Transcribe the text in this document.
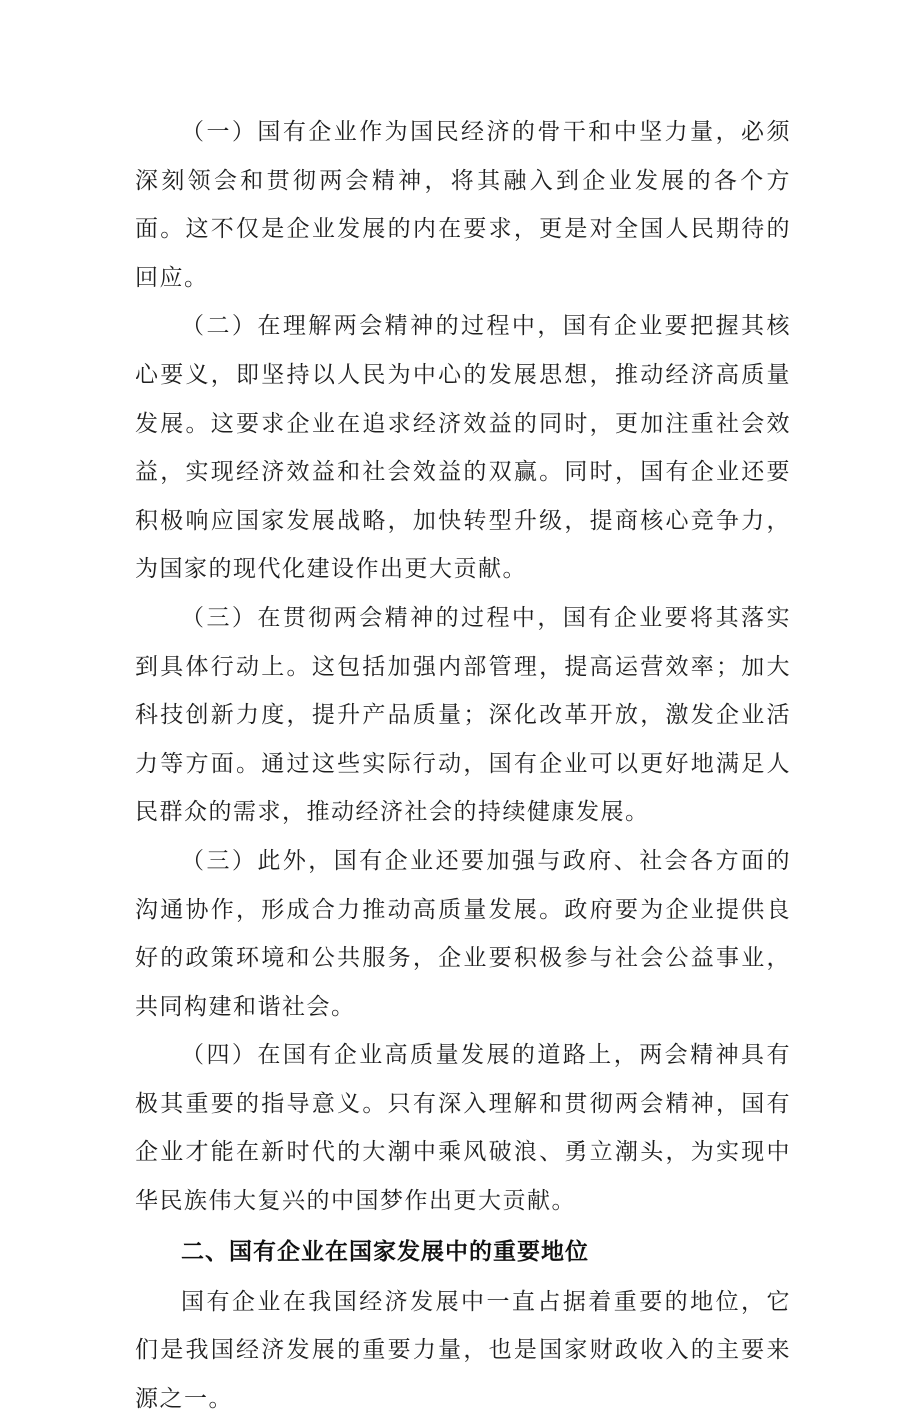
（一）国有企业作为国民经济的骨干和中坚力量，必须深刻领会和贯彻两会精神，将其融入到企业发展的各个方面。这不仅是企业发展的内在要求，更是对全国人民期待的回应。

（二）在理解两会精神的过程中，国有企业要把握其核心要义，即坚持以人民为中心的发展思想，推动经济高质量发展。这要求企业在追求经济效益的同时，更加注重社会效益，实现经济效益和社会效益的双赢。同时，国有企业还要积极响应国家发展战略，加快转型升级，提商核心竞争力，为国家的现代化建设作出更大贡献。

（三）在贯彻两会精神的过程中，国有企业要将其落实到具体行动上。这包括加强内部管理，提高运营效率；加大科技创新力度，提升产品质量；深化改革开放，激发企业活力等方面。通过这些实际行动，国有企业可以更好地满足人民群众的需求，推动经济社会的持续健康发展。

（三）此外，国有企业还要加强与政府、社会各方面的沟通协作，形成合力推动高质量发展。政府要为企业提供良好的政策环境和公共服务，企业要积极参与社会公益事业，共同构建和谐社会。

（四）在国有企业高质量发展的道路上，两会精神具有极其重要的指导意义。只有深入理解和贯彻两会精神，国有企业才能在新时代的大潮中乘风破浪、勇立潮头，为实现中华民族伟大复兴的中国梦作出更大贡献。

二、国有企业在国家发展中的重要地位

国有企业在我国经济发展中一直占据着重要的地位，它们是我国经济发展的重要力量，也是国家财政收入的主要来源之一。
